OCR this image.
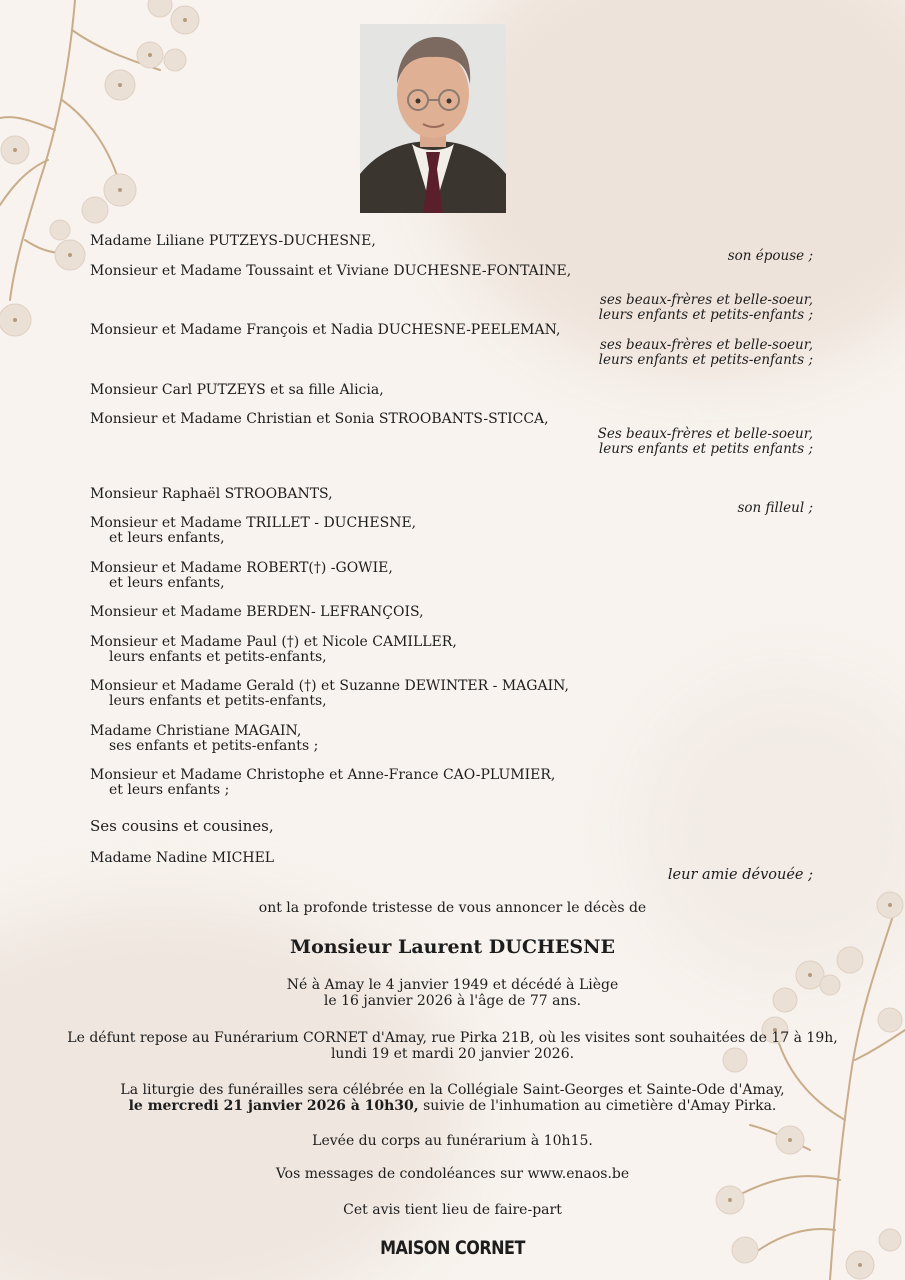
Madame Liliane PUTZEYS-DUCHESNE,
Monsieur et Madame Toussaint et Viviane DUCHESNE-FONTAINE,
Monsieur et Madame François et Nadia DUCHESNE-PEELEMAN,
Monsieur Carl PUTZEYS et sa fille Alicia,
Monsieur et Madame Christian et Sonia STROOBANTS-STICCA,
Monsieur Raphaël STROOBANTS,
Monsieur et Madame TRILLET - DUCHESNE,
et leurs enfants,
Monsieur et Madame ROBERT(†) -GOWIE,
et leurs enfants,
Monsieur et Madame BERDEN- LEFRANÇOIS,
Monsieur et Madame Paul (†) et Nicole CAMILLER,
leurs enfants et petits-enfants,
Monsieur et Madame Gerald (†) et Suzanne DEWINTER - MAGAIN,
leurs enfants et petits-enfants,
Madame Christiane MAGAIN,
ses enfants et petits-enfants ;
Monsieur et Madame Christophe et Anne-France CAO-PLUMIER,
et leurs enfants ;
Ses cousins et cousines,
Madame Nadine MICHEL
son épouse ;
ses beaux-frères et belle-soeur,
leurs enfants et petits-enfants ;
ses beaux-frères et belle-soeur,
leurs enfants et petits-enfants ;
Ses beaux-frères et belle-soeur,
leurs enfants et petits enfants ;
son filleul ;
leur amie dévouée ;
ont la profonde tristesse de vous annoncer le décès de
Monsieur Laurent DUCHESNE
Né à Amay le 4 janvier 1949 et décédé à Liège
le 16 janvier 2026 à l'âge de 77 ans.
Le défunt repose au Funérarium CORNET d'Amay, rue Pirka 21B, où les visites sont souhaitées de 17 à 19h,
lundi 19 et mardi 20 janvier 2026.
La liturgie des funérailles sera célébrée en la Collégiale Saint-Georges et Sainte-Ode d'Amay,
le mercredi 21 janvier 2026 à 10h30, suivie de l'inhumation au cimetière d'Amay Pirka.
Levée du corps au funérarium à 10h15.
Vos messages de condoléances sur www.enaos.be
Cet avis tient lieu de faire-part
MAISON CORNET
